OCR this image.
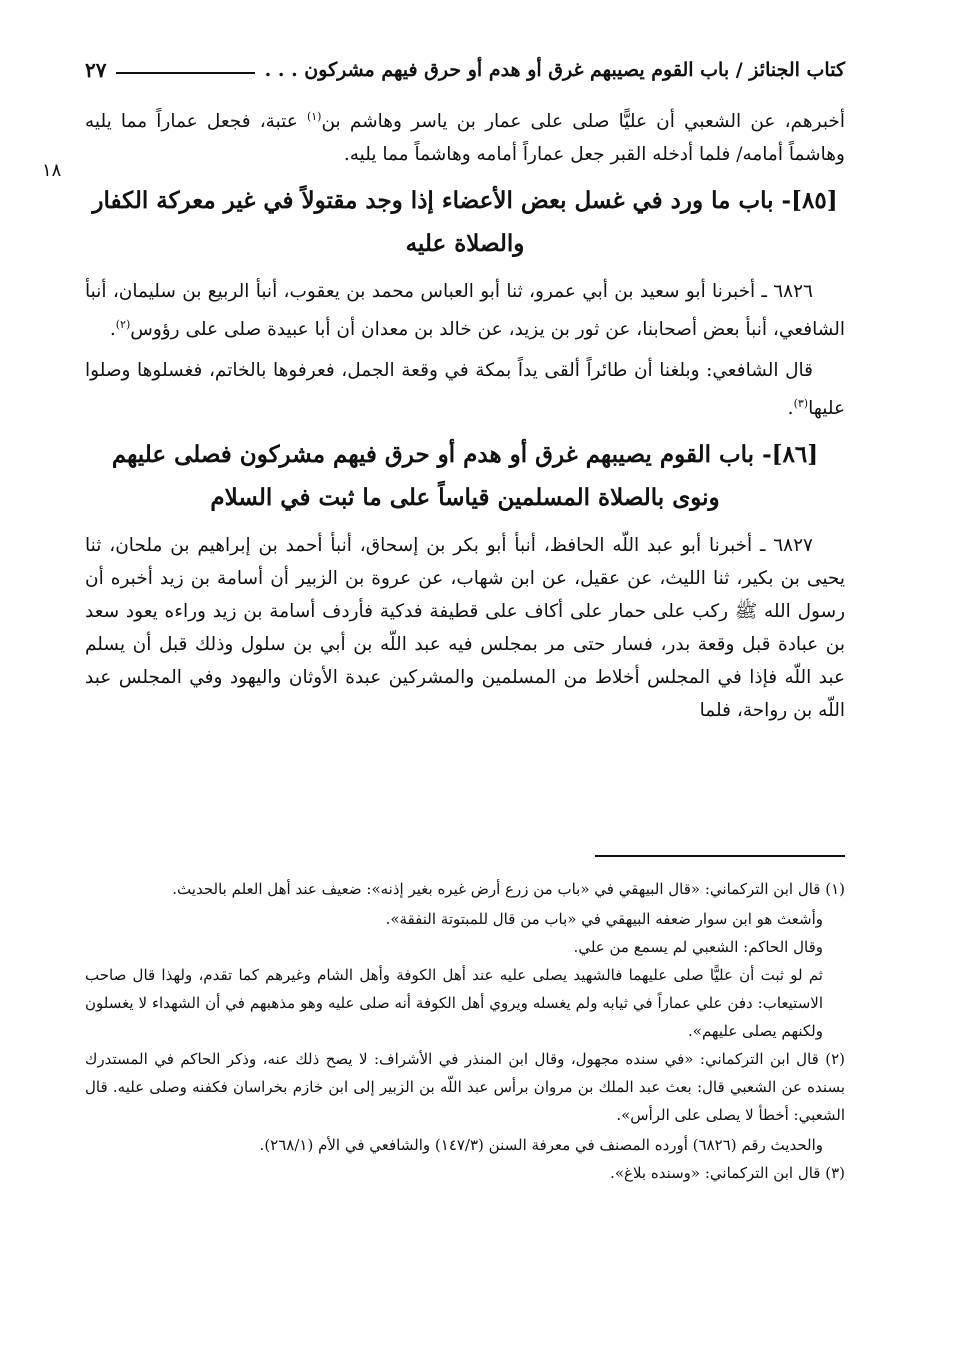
كتاب الجنائز / باب القوم يصيبهم غرق أو هدم أو حرق فيهم مشركون . . .
٢٧
١٨

أخبرهم، عن الشعبي أن عليًّا صلى على عمار بن ياسر وهاشم بن$^{(١)}$ عتبة، فجعل عماراً مما يليه وهاشماً أمامه/ فلما أدخله القبر جعل عماراً أمامه وهاشماً مما يليه.

[٨٥]- باب ما ورد في غسل بعض الأعضاء إذا وجد مقتولاً في غير معركة الكفار والصلاة عليه

٦٨٢٦ ـ أخبرنا أبو سعيد بن أبي عمرو، ثنا أبو العباس محمد بن يعقوب، أنبأ الربيع بن سليمان، أنبأ الشافعي، أنبأ بعض أصحابنا، عن ثور بن يزيد، عن خالد بن معدان أن أبا عبيدة صلى على رؤوس$^{(٢)}$.

قال الشافعي: وبلغنا أن طائراً ألقى يداً بمكة في وقعة الجمل، فعرفوها بالخاتم، فغسلوها وصلوا عليها$^{(٣)}$.

[٨٦]- باب القوم يصيبهم غرق أو هدم أو حرق فيهم مشركون فصلى عليهم ونوى بالصلاة المسلمين قياساً على ما ثبت في السلام

٦٨٢٧ ـ أخبرنا أبو عبد اللّه الحافظ، أنبأ أبو بكر بن إسحاق، أنبأ أحمد بن إبراهيم بن ملحان، ثنا يحيى بن بكير، ثنا الليث، عن عقيل، عن ابن شهاب، عن عروة بن الزبير أن أسامة بن زيد أخبره أن رسول الله ﷺ ركب على حمار على أكاف على قطيفة فدكية فأردف أسامة بن زيد وراءه يعود سعد بن عبادة قبل وقعة بدر، فسار حتى مر بمجلس فيه عبد اللّه بن أبي بن سلول وذلك قبل أن يسلم عبد اللّه فإذا في المجلس أخلاط من المسلمين والمشركين عبدة الأوثان واليهود وفي المجلس عبد اللّه بن رواحة، فلما

(١) قال ابن التركماني: «قال البيهقي في «باب من زرع أرض غيره بغير إذنه»: ضعيف عند أهل العلم بالحديث.

وأشعث هو ابن سوار ضعفه البيهقي في «باب من قال للمبتوتة النفقة».

وقال الحاكم: الشعبي لم يسمع من علي.

ثم لو ثبت أن عليًّا صلى عليهما فالشهيد يصلى عليه عند أهل الكوفة وأهل الشام وغيرهم كما تقدم، ولهذا قال صاحب الاستيعاب: دفن علي عماراً في ثيابه ولم يغسله ويروي أهل الكوفة أنه صلى عليه وهو مذهبهم في أن الشهداء لا يغسلون ولكنهم يصلى عليهم».

(٢) قال ابن التركماني: «في سنده مجهول، وقال ابن المنذر في الأشراف: لا يصح ذلك عنه، وذكر الحاكم في المستدرك بسنده عن الشعبي قال: بعث عبد الملك بن مروان برأس عبد اللّه بن الزبير إلى ابن خازم بخراسان فكفنه وصلى عليه. قال الشعبي: أخطأ لا يصلى على الرأس».

والحديث رقم (٦٨٢٦) أورده المصنف في معرفة السنن (١٤٧/٣) والشافعي في الأم (٢٦٨/١).

(٣) قال ابن التركماني: «وسنده بلاغ».
